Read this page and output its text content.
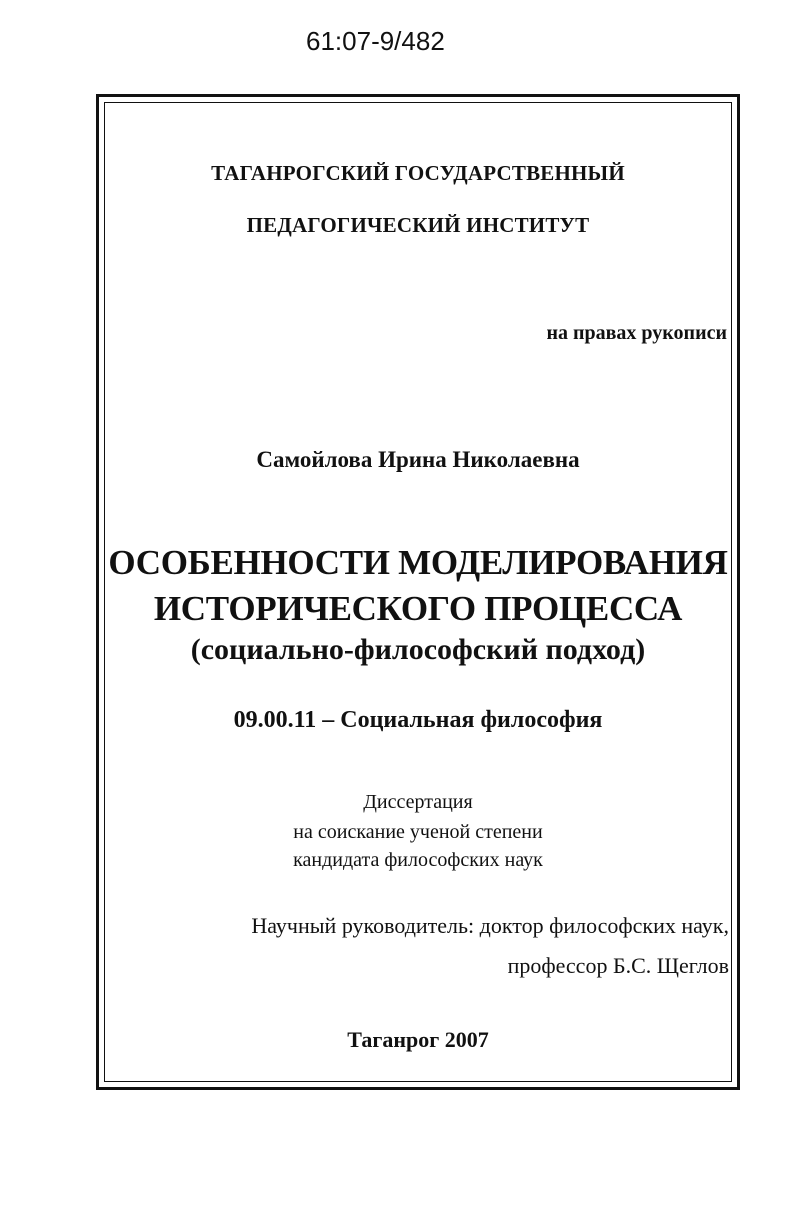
61:07-9/482
ТАГАНРОГСКИЙ ГОСУДАРСТВЕННЫЙ
ПЕДАГОГИЧЕСКИЙ ИНСТИТУТ
на правах рукописи
Самойлова Ирина Николаевна
ОСОБЕННОСТИ МОДЕЛИРОВАНИЯ
ИСТОРИЧЕСКОГО ПРОЦЕССА
(социально-философский подход)
09.00.11 – Социальная философия
Диссертация
на соискание ученой степени
кандидата философских наук
Научный руководитель: доктор философских наук,
профессор Б.С. Щеглов
Таганрог 2007
